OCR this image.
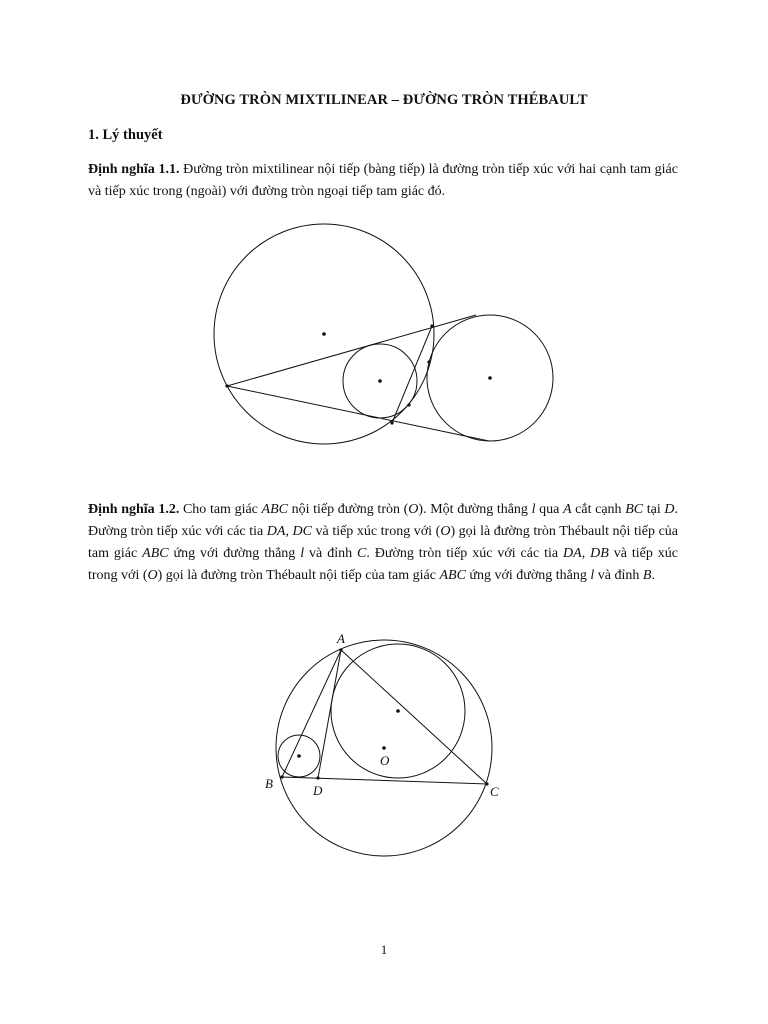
ĐƯỜNG TRÒN MIXTILINEAR – ĐƯỜNG TRÒN THÉBAULT
1. Lý thuyết
Định nghĩa 1.1. Đường tròn mixtilinear nội tiếp (bàng tiếp) là đường tròn tiếp xúc với hai cạnh tam giác và tiếp xúc trong (ngoài) với đường tròn ngoại tiếp tam giác đó.
Định nghĩa 1.2. Cho tam giác ABC nội tiếp đường tròn (O). Một đường thẳng l qua A cắt cạnh BC tại D. Đường tròn tiếp xúc với các tia DA, DC và tiếp xúc trong với (O) gọi là đường tròn Thébault nội tiếp của tam giác ABC ứng với đường thẳng l và đỉnh C. Đường tròn tiếp xúc với các tia DA, DB và tiếp xúc trong với (O) gọi là đường tròn Thébault nội tiếp của tam giác ABC ứng với đường thẳng l và đỉnh B.
A
B
C
D
O
1
